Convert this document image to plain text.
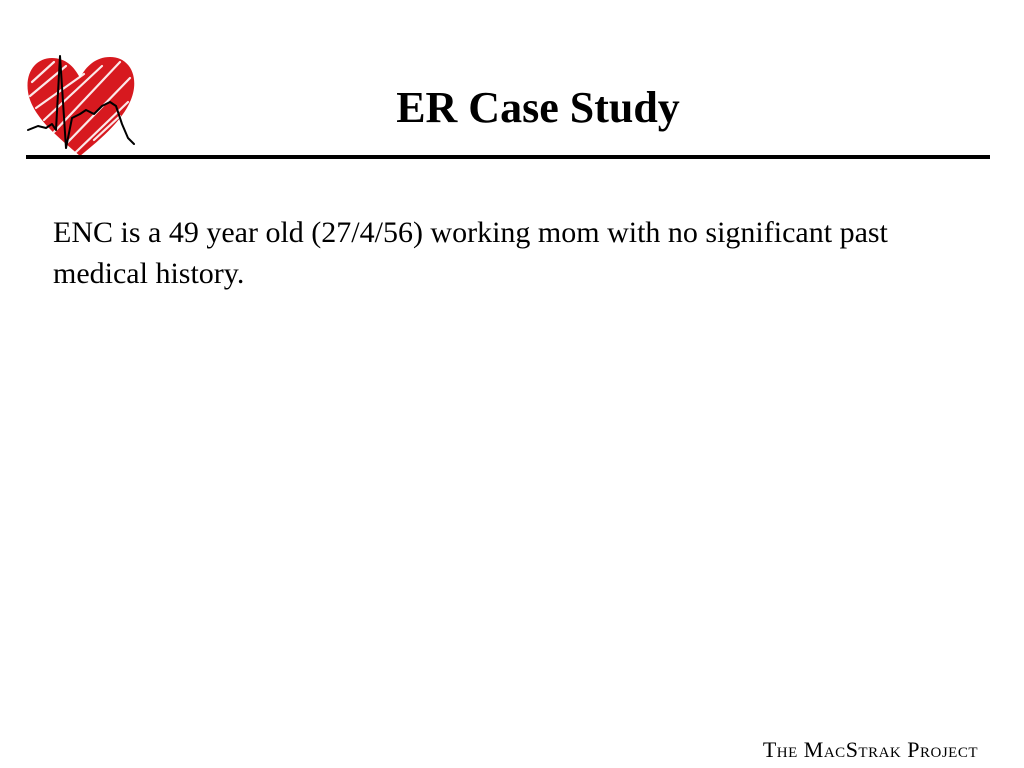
ER Case Study

ENC is a 49 year old (27/4/56) working mom with no significant past medical history.

The MacStrak Project
